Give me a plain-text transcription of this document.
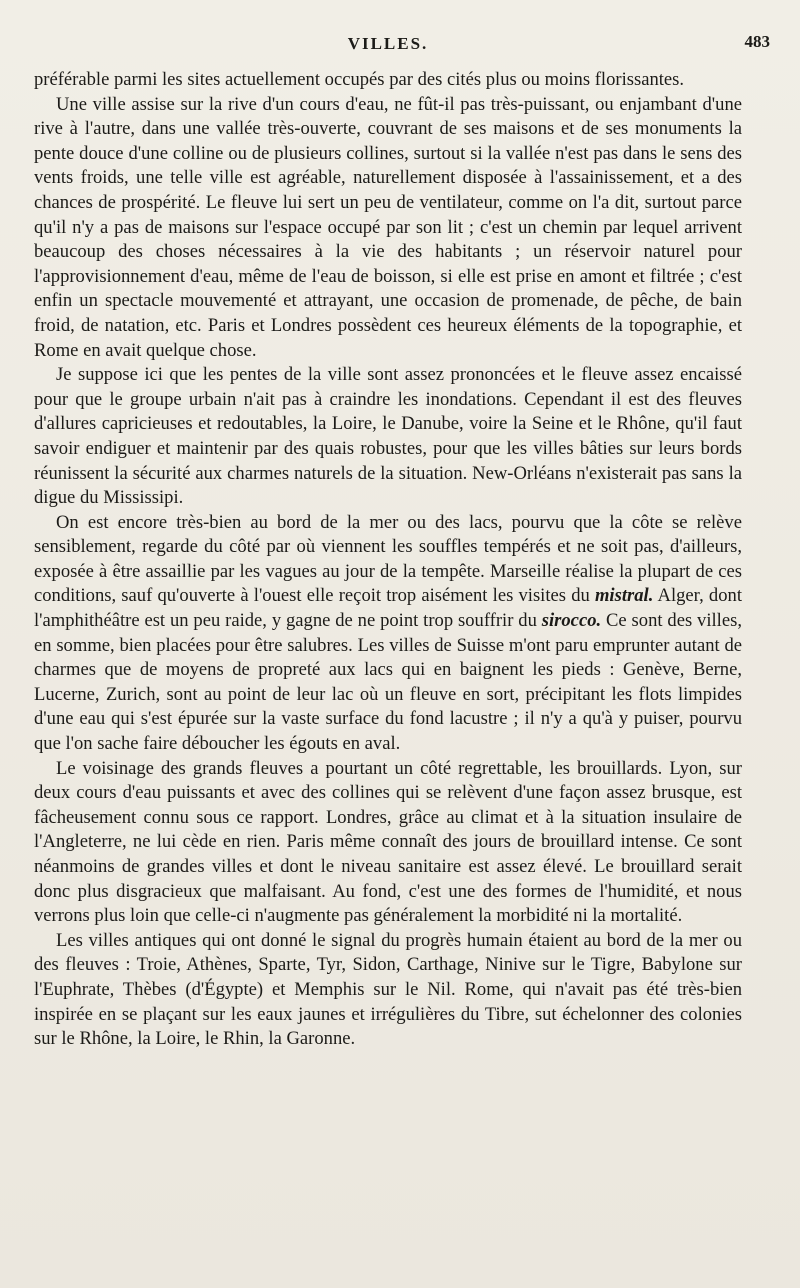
VILLES.	483

préférable parmi les sites actuellement occupés par des cités plus ou moins florissantes.

Une ville assise sur la rive d'un cours d'eau, ne fût-il pas très-puissant, ou enjambant d'une rive à l'autre, dans une vallée très-ouverte, couvrant de ses maisons et de ses monuments la pente douce d'une colline ou de plusieurs collines, surtout si la vallée n'est pas dans le sens des vents froids, une telle ville est agréable, naturellement disposée à l'assainissement, et a des chances de prospérité. Le fleuve lui sert un peu de ventilateur, comme on l'a dit, surtout parce qu'il n'y a pas de maisons sur l'espace occupé par son lit ; c'est un chemin par lequel arrivent beaucoup des choses nécessaires à la vie des habitants ; un réservoir naturel pour l'approvisionnement d'eau, même de l'eau de boisson, si elle est prise en amont et filtrée ; c'est enfin un spectacle mouvementé et attrayant, une occasion de promenade, de pêche, de bain froid, de natation, etc. Paris et Londres possèdent ces heureux éléments de la topographie, et Rome en avait quelque chose.

Je suppose ici que les pentes de la ville sont assez prononcées et le fleuve assez encaissé pour que le groupe urbain n'ait pas à craindre les inondations. Cependant il est des fleuves d'allures capricieuses et redoutables, la Loire, le Danube, voire la Seine et le Rhône, qu'il faut savoir endiguer et maintenir par des quais robustes, pour que les villes bâties sur leurs bords réunissent la sécurité aux charmes naturels de la situation. New-Orléans n'existerait pas sans la digue du Mississipi.

On est encore très-bien au bord de la mer ou des lacs, pourvu que la côte se relève sensiblement, regarde du côté par où viennent les souffles tempérés et ne soit pas, d'ailleurs, exposée à être assaillie par les vagues au jour de la tempête. Marseille réalise la plupart de ces conditions, sauf qu'ouverte à l'ouest elle reçoit trop aisément les visites du mistral. Alger, dont l'amphithéâtre est un peu raide, y gagne de ne point trop souffrir du sirocco. Ce sont des villes, en somme, bien placées pour être salubres. Les villes de Suisse m'ont paru emprunter autant de charmes que de moyens de propreté aux lacs qui en baignent les pieds : Genève, Berne, Lucerne, Zurich, sont au point de leur lac où un fleuve en sort, précipitant les flots limpides d'une eau qui s'est épurée sur la vaste surface du fond lacustre ; il n'y a qu'à y puiser, pourvu que l'on sache faire déboucher les égouts en aval.

Le voisinage des grands fleuves a pourtant un côté regrettable, les brouillards. Lyon, sur deux cours d'eau puissants et avec des collines qui se relèvent d'une façon assez brusque, est fâcheusement connu sous ce rapport. Londres, grâce au climat et à la situation insulaire de l'Angleterre, ne lui cède en rien. Paris même connaît des jours de brouillard intense. Ce sont néanmoins de grandes villes et dont le niveau sanitaire est assez élevé. Le brouillard serait donc plus disgracieux que malfaisant. Au fond, c'est une des formes de l'humidité, et nous verrons plus loin que celle-ci n'augmente pas généralement la morbidité ni la mortalité.

Les villes antiques qui ont donné le signal du progrès humain étaient au bord de la mer ou des fleuves : Troie, Athènes, Sparte, Tyr, Sidon, Carthage, Ninive sur le Tigre, Babylone sur l'Euphrate, Thèbes (d'Égypte) et Memphis sur le Nil. Rome, qui n'avait pas été très-bien inspirée en se plaçant sur les eaux jaunes et irrégulières du Tibre, sut échelonner des colonies sur le Rhône, la Loire, le Rhin, la Garonne.
